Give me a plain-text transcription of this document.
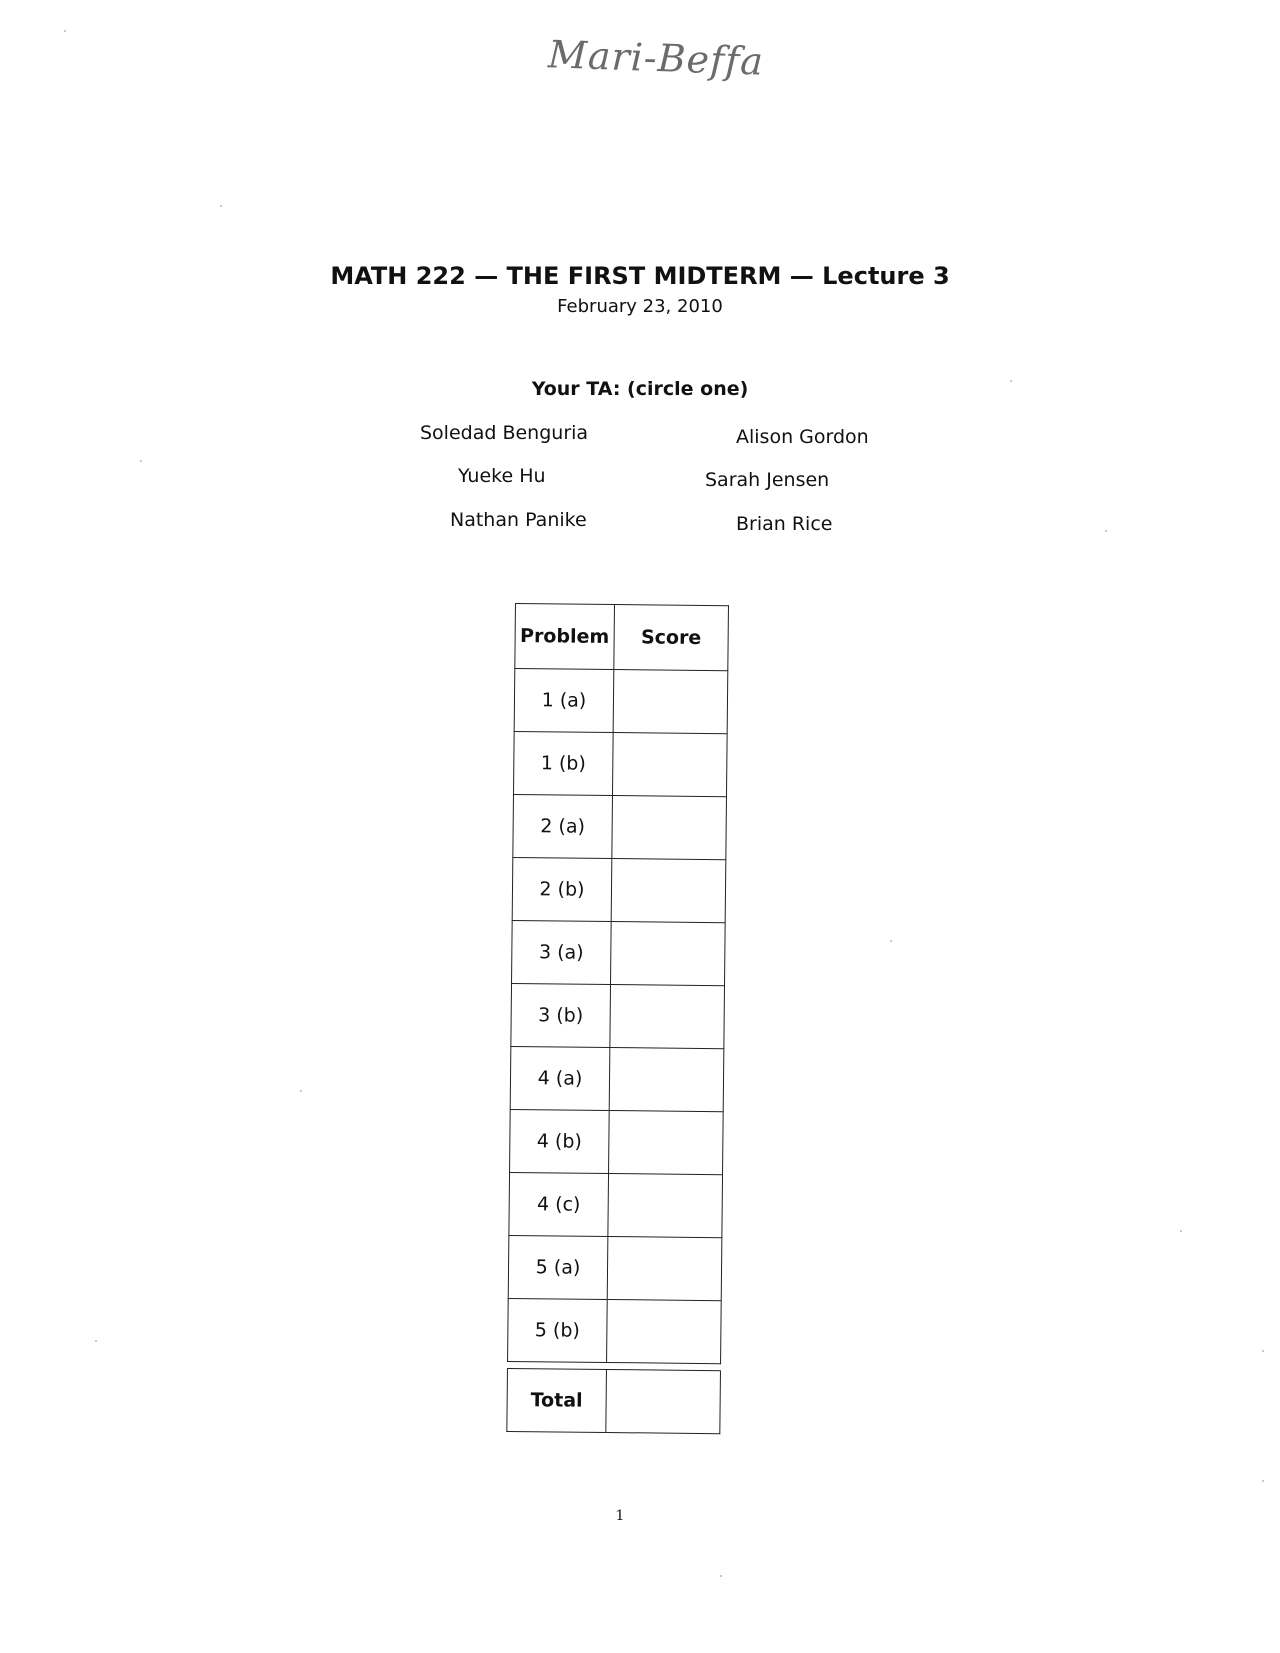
Mari-Beffa
MATH 222 — THE FIRST MIDTERM — Lecture 3
February 23, 2010
Your TA: (circle one)
Soledad Benguria	Alison Gordon
Yueke Hu	Sarah Jensen
Nathan Panike	Brian Rice
Problem	Score
1 (a)	
1 (b)	
2 (a)	
2 (b)	
3 (a)	
3 (b)	
4 (a)	
4 (b)	
4 (c)	
5 (a)	
5 (b)	

Total	
1
